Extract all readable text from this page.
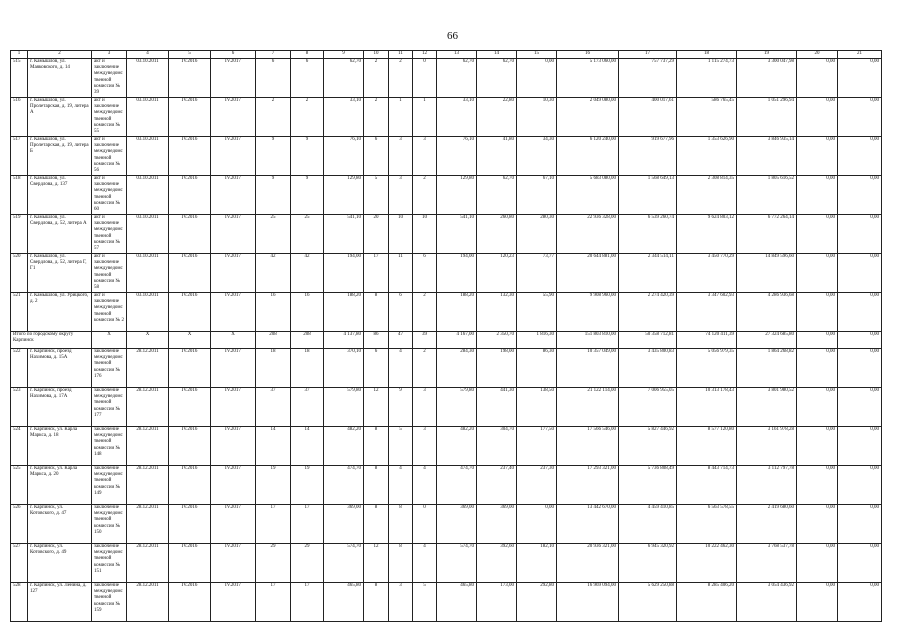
66
1	2	3	4	5	6	7	8	9	10	11	12	13	14	15	16	17	18	19	20	21
515	г. Камышлов, ул. Маяковского, д. 14	акт и заключение междуведомственной комиссии № 39	03.10.2011	IV.2016	IV.2017	6	6	62,70	2	2	0	62,70	62,70	0,00	5 173 060,00	757 737,29	1 115 274,73	3 300 047,98	0,00	0,00
516	г. Камышлов, ул. Пролетарская, д. 19, литера А	акт и заключение междуведомственной комиссии № 55	03.10.2011	IV.2016	IV.2017	2	2	33,10	2	1	1	33,10	22,80	10,30	2 049 080,00	400 017,61	586 765,45	1 051 296,94	0,00	0,00
517	г. Камышлов, ул. Пролетарская, д. 19, литера Б	акт и заключение междуведомственной комиссии № 56	03.10.2011	IV.2016	IV.2017	9	9	76,10	6	3	3	76,10	41,80	34,30	6 120 240,00	919 677,96	1 353 626,90	3 846 935,14	0,00	0,00
518	г. Камышлов, ул. Свердлова, д. 137	акт и заключение междуведомственной комиссии № 60	03.10.2011	IV.2016	IV.2017	9	9	129,80	5	3	2	129,80	62,70	67,10	5 683 080,00	1 568 649,13	2 308 814,35	1 805 616,52	0,00	0,00
519	г. Камышлов, ул. Свердлова, д. 52, литера А	акт и заключение междуведомственной комиссии № 57	03.10.2011	IV.2016	IV.2017	25	25	541,10	20	10	10	541,10	260,80	280,30	22 936 328,00	6 539 260,74	9 624 803,12	6 772 264,14	0,00	0,00
520	г. Камышлов, ул. Свердлова, д. 52, литера Г, Г1	акт и заключение междуведомственной комиссии № 58	03.10.2011	IV.2016	IV.2017	42	42	194,00	17	11	6	194,00	120,23	73,77	20 644 881,00	2 344 514,11	3 450 770,29	14 849 596,60	0,00	0,00
521	г. Камышлов, ул. Урицкого, д. 2	акт и заключение междуведомственной комиссии № 2	03.10.2011	IV.2016	IV.2017	16	16	188,20	8	6	2	188,20	132,30	55,90	9 908 960,00	2 274 420,39	3 347 602,93	4 286 936,68	0,00	0,00
Итого по городскому округу Карпинск		X	X	X	X	208	208	4 137,80	86	47	39	4 167,00	2 350,70	1 816,30	151 803 810,00	50 358 712,81	74 120 411,39	27 324 685,80	0,00	0,00
522	г. Карпинск, проезд Нахимова, д. 15А	заключение междуведомственной комиссии № 176	28.12.2011	IV.2016	IV.2017	18	18	370,10	6	4	2	284,30	198,00	86,30	10 357 049,00	3 435 800,83	5 056 979,35	1 864 268,82	0,00	0,00
523	г. Карпинск, проезд Нахимова, д. 17А	заключение междуведомственной комиссии № 177	28.12.2011	IV.2016	IV.2017	37	37	579,80	12	9	3	579,80	441,30	138,50	21 122 114,00	7 006 955,05	10 313 178,43	3 801 980,52	0,00	0,00
524	г. Карпинск, ул. Карла Маркса, д. 18	заключение междуведомственной комиссии № 148	28.12.2011	IV.2016	IV.2017	14	14	482,20	8	5	3	482,20	304,70	177,50	17 566 546,00	5 827 446,92	8 577 120,80	3 161 978,28	0,00	0,00
525	г. Карпинск, ул. Карла Маркса, д. 20	заключение междуведомственной комиссии № 149	28.12.2011	IV.2016	IV.2017	19	19	474,70	8	4	4	474,70	237,40	237,30	17 293 321,00	5 736 808,49	8 443 714,73	3 112 797,78	0,00	0,00
526	г. Карпинск, ул. Котовского, д. 47	заключение междуведомственной комиссии № 150	28.12.2011	IV.2016	IV.2017	17	17	369,00	8	8	0	369,00	369,00	0,00	13 442 670,00	4 459 410,85	6 563 578,55	2 419 680,60	0,00	0,00
527	г. Карпинск, ул. Котовского, д. 49	заключение междуведомственной комиссии № 151	28.12.2011	IV.2016	IV.2017	29	29	574,70	12	8	4	574,70	392,60	182,10	20 936 321,00	6 945 320,92	10 222 462,30	3 768 537,78	0,00	0,00
528	г. Карпинск, ул. Ленина, д. 127	заключение междуведомственной комиссии № 159	28.12.2011	IV.2016	IV.2017	17	17	465,80	8	3	5	465,80	173,00	292,80	16 969 094,00	5 629 250,88	8 285 406,20	3 054 436,92	0,00	0,00
